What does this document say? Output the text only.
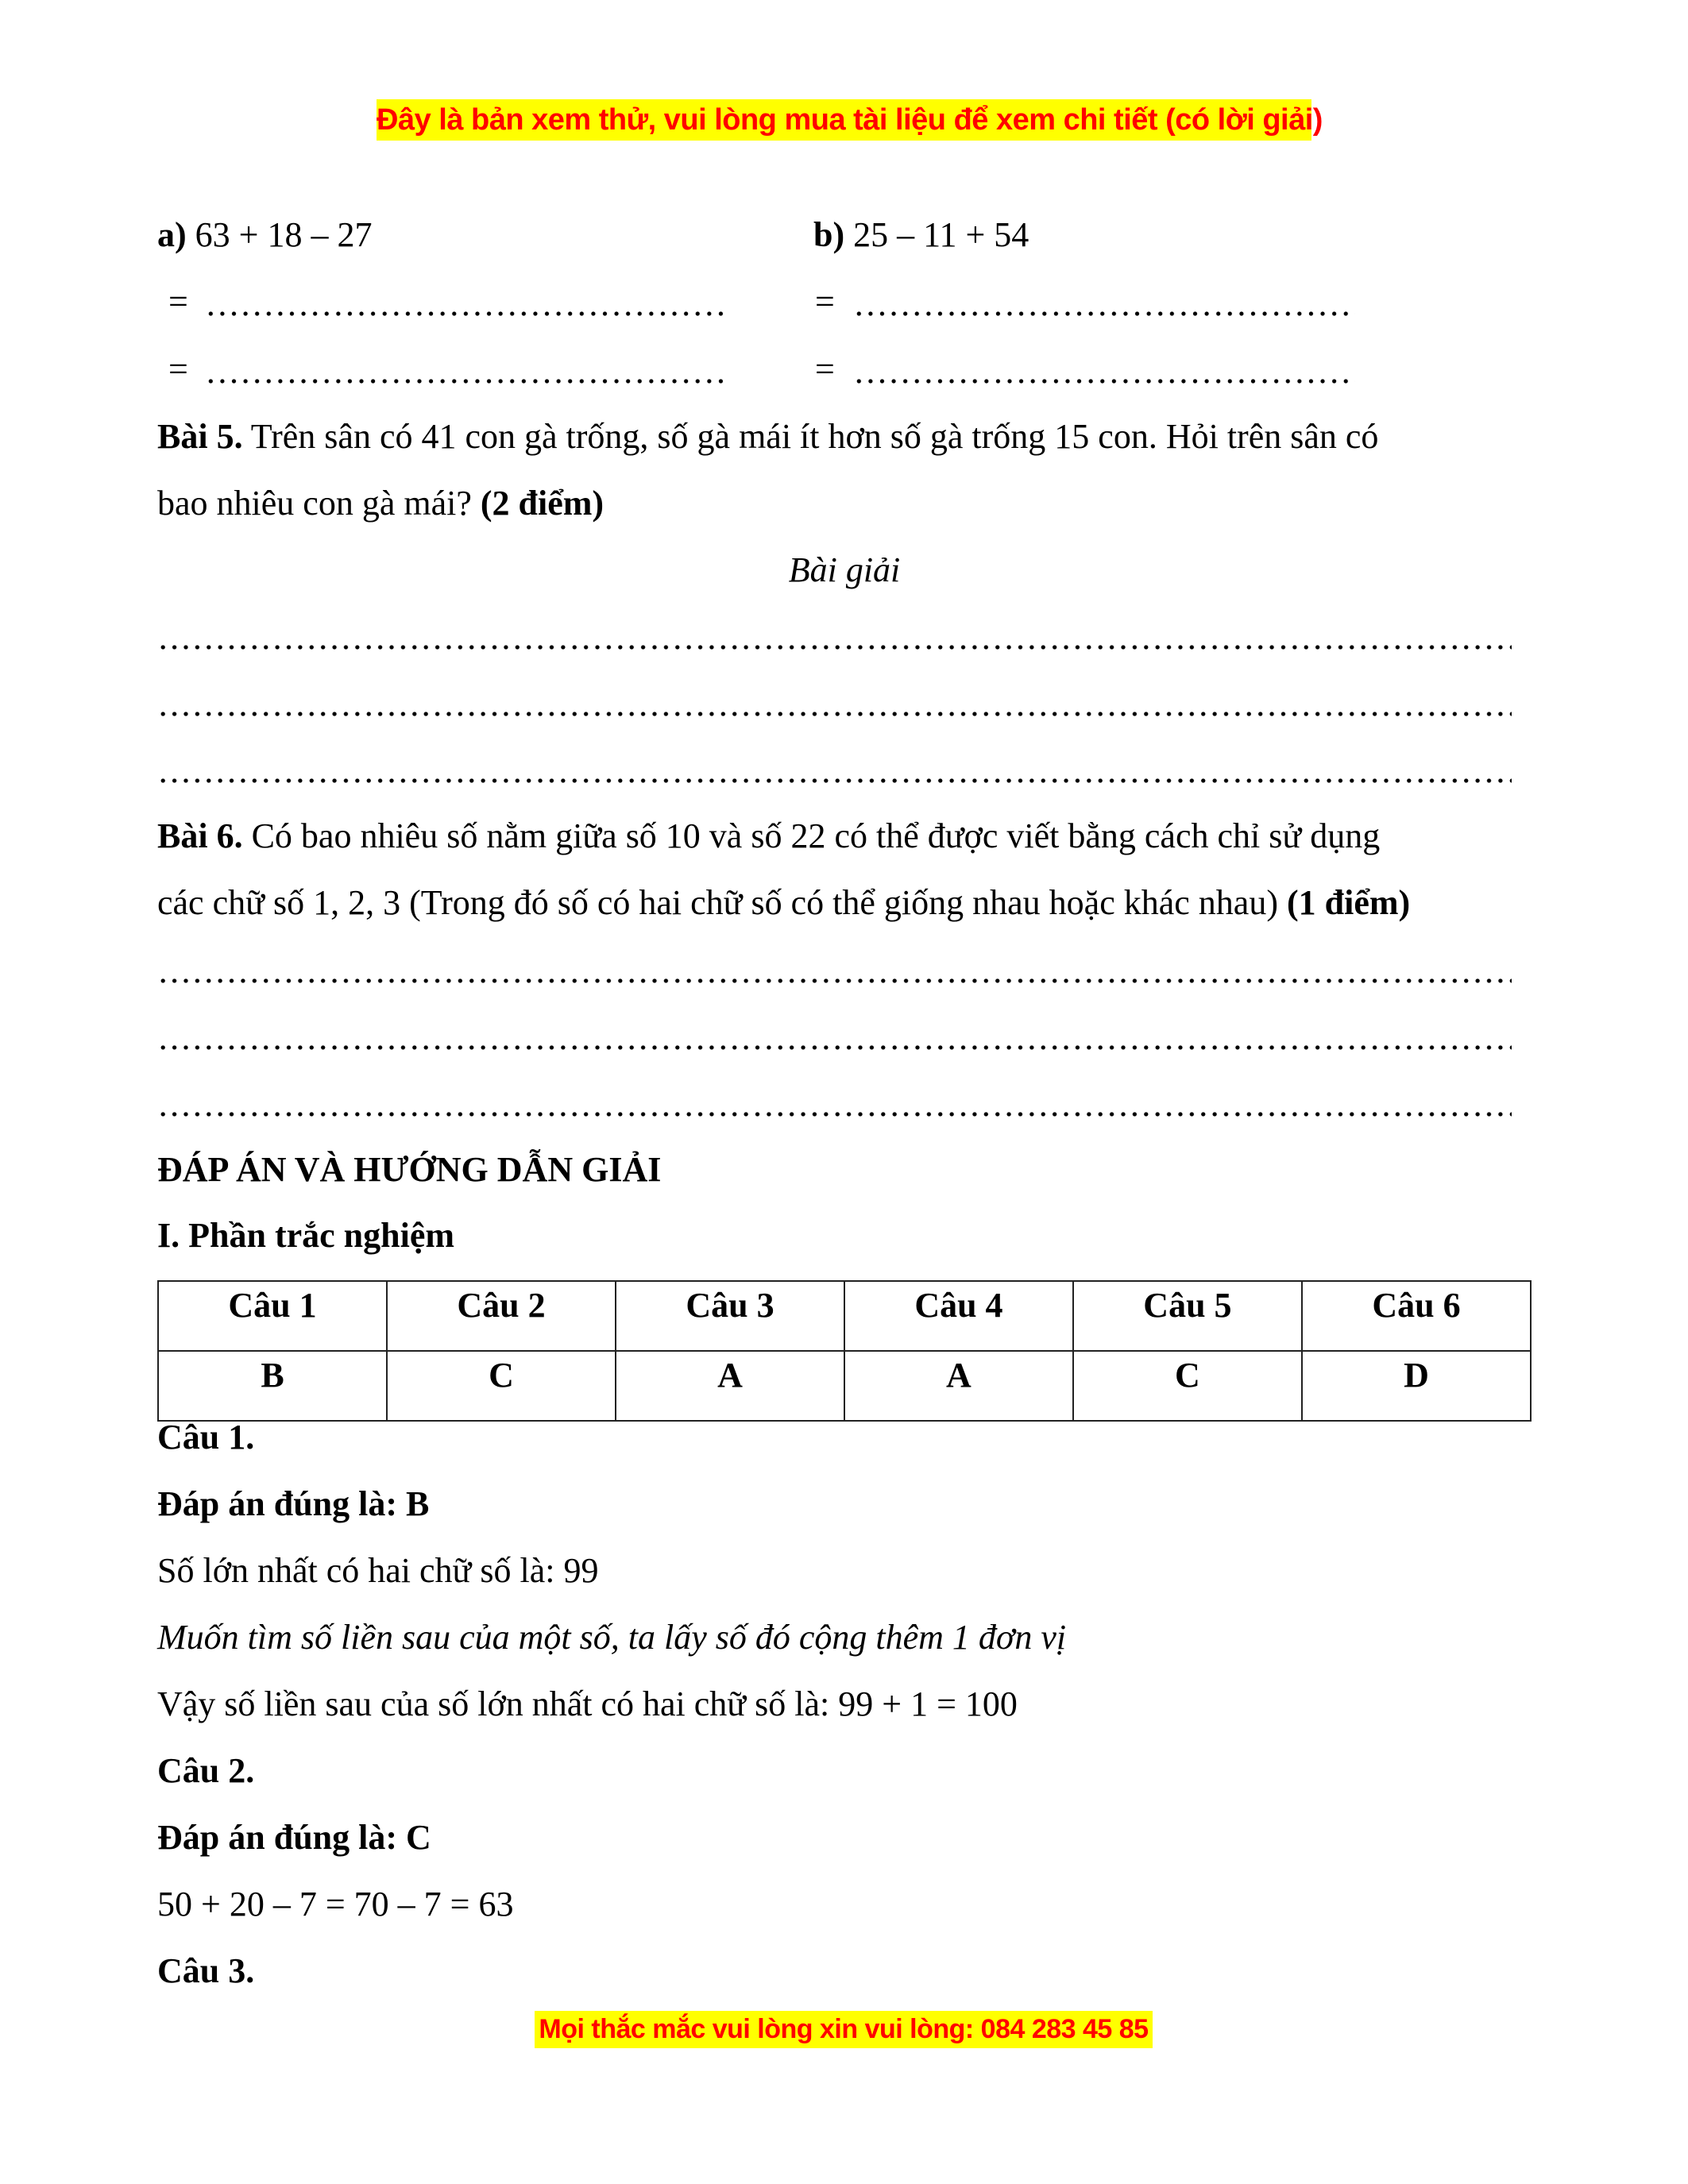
Đây là bản xem thử, vui lòng mua tài liệu để xem chi tiết (có lời giải)
a) 63 + 18 – 27	b) 25 – 11 + 54
=	=
=	=
Bài 5. Trên sân có 41 con gà trống, số gà mái ít hơn số gà trống 15 con. Hỏi trên sân có
bao nhiêu con gà mái? (2 điểm)
Bài giải
Bài 6. Có bao nhiêu số nằm giữa số 10 và số 22 có thể được viết bằng cách chỉ sử dụng
các chữ số 1, 2, 3 (Trong đó số có hai chữ số có thể giống nhau hoặc khác nhau) (1 điểm)
ĐÁP ÁN VÀ HƯỚNG DẪN GIẢI
I. Phần trắc nghiệm
Câu 1	Câu 2	Câu 3	Câu 4	Câu 5	Câu 6
B	C	A	A	C	D
Câu 1.
Đáp án đúng là: B
Số lớn nhất có hai chữ số là: 99
Muốn tìm số liền sau của một số, ta lấy số đó cộng thêm 1 đơn vị
Vậy số liền sau của số lớn nhất có hai chữ số là: 99 + 1 = 100
Câu 2.
Đáp án đúng là: C
50 + 20 – 7 = 70 – 7 = 63
Câu 3.
Mọi thắc mắc vui lòng xin vui lòng: 084 283 45 85
